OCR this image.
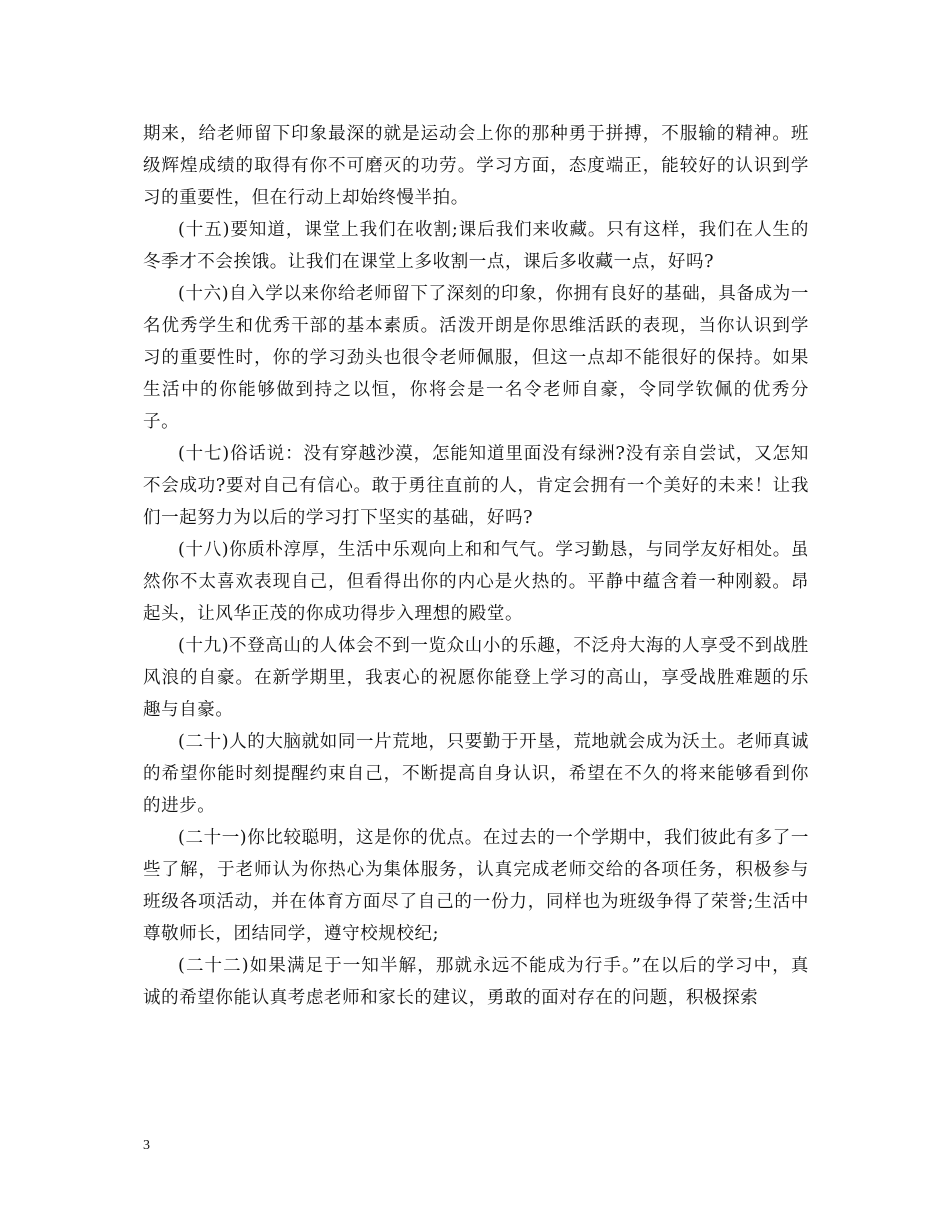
期来，给老师留下印象最深的就是运动会上你的那种勇于拼搏，不服输的精神。班级辉煌成绩的取得有你不可磨灭的功劳。学习方面，态度端正，能较好的认识到学习的重要性，但在行动上却始终慢半拍。

(十五)要知道，课堂上我们在收割;课后我们来收藏。只有这样，我们在人生的冬季才不会挨饿。让我们在课堂上多收割一点，课后多收藏一点，好吗?

(十六)自入学以来你给老师留下了深刻的印象，你拥有良好的基础，具备成为一名优秀学生和优秀干部的基本素质。活泼开朗是你思维活跃的表现，当你认识到学习的重要性时，你的学习劲头也很令老师佩服，但这一点却不能很好的保持。如果生活中的你能够做到持之以恒，你将会是一名令老师自豪，令同学钦佩的优秀分子。

(十七)俗话说：没有穿越沙漠，怎能知道里面没有绿洲?没有亲自尝试，又怎知不会成功?要对自己有信心。敢于勇往直前的人，肯定会拥有一个美好的未来！让我们一起努力为以后的学习打下坚实的基础，好吗?

(十八)你质朴淳厚，生活中乐观向上和和气气。学习勤恳，与同学友好相处。虽然你不太喜欢表现自己，但看得出你的内心是火热的。平静中蕴含着一种刚毅。昂起头，让风华正茂的你成功得步入理想的殿堂。

(十九)不登高山的人体会不到一览众山小的乐趣，不泛舟大海的人享受不到战胜风浪的自豪。在新学期里，我衷心的祝愿你能登上学习的高山，享受战胜难题的乐趣与自豪。

(二十)人的大脑就如同一片荒地，只要勤于开垦，荒地就会成为沃土。老师真诚的希望你能时刻提醒约束自己，不断提高自身认识，希望在不久的将来能够看到你的进步。

(二十一)你比较聪明，这是你的优点。在过去的一个学期中，我们彼此有多了一些了解，于老师认为你热心为集体服务，认真完成老师交给的各项任务，积极参与班级各项活动，并在体育方面尽了自己的一份力，同样也为班级争得了荣誉;生活中尊敬师长，团结同学，遵守校规校纪;

(二十二)如果满足于一知半解，那就永远不能成为行手。”在以后的学习中，真诚的希望你能认真考虑老师和家长的建议，勇敢的面对存在的问题，积极探索

3
